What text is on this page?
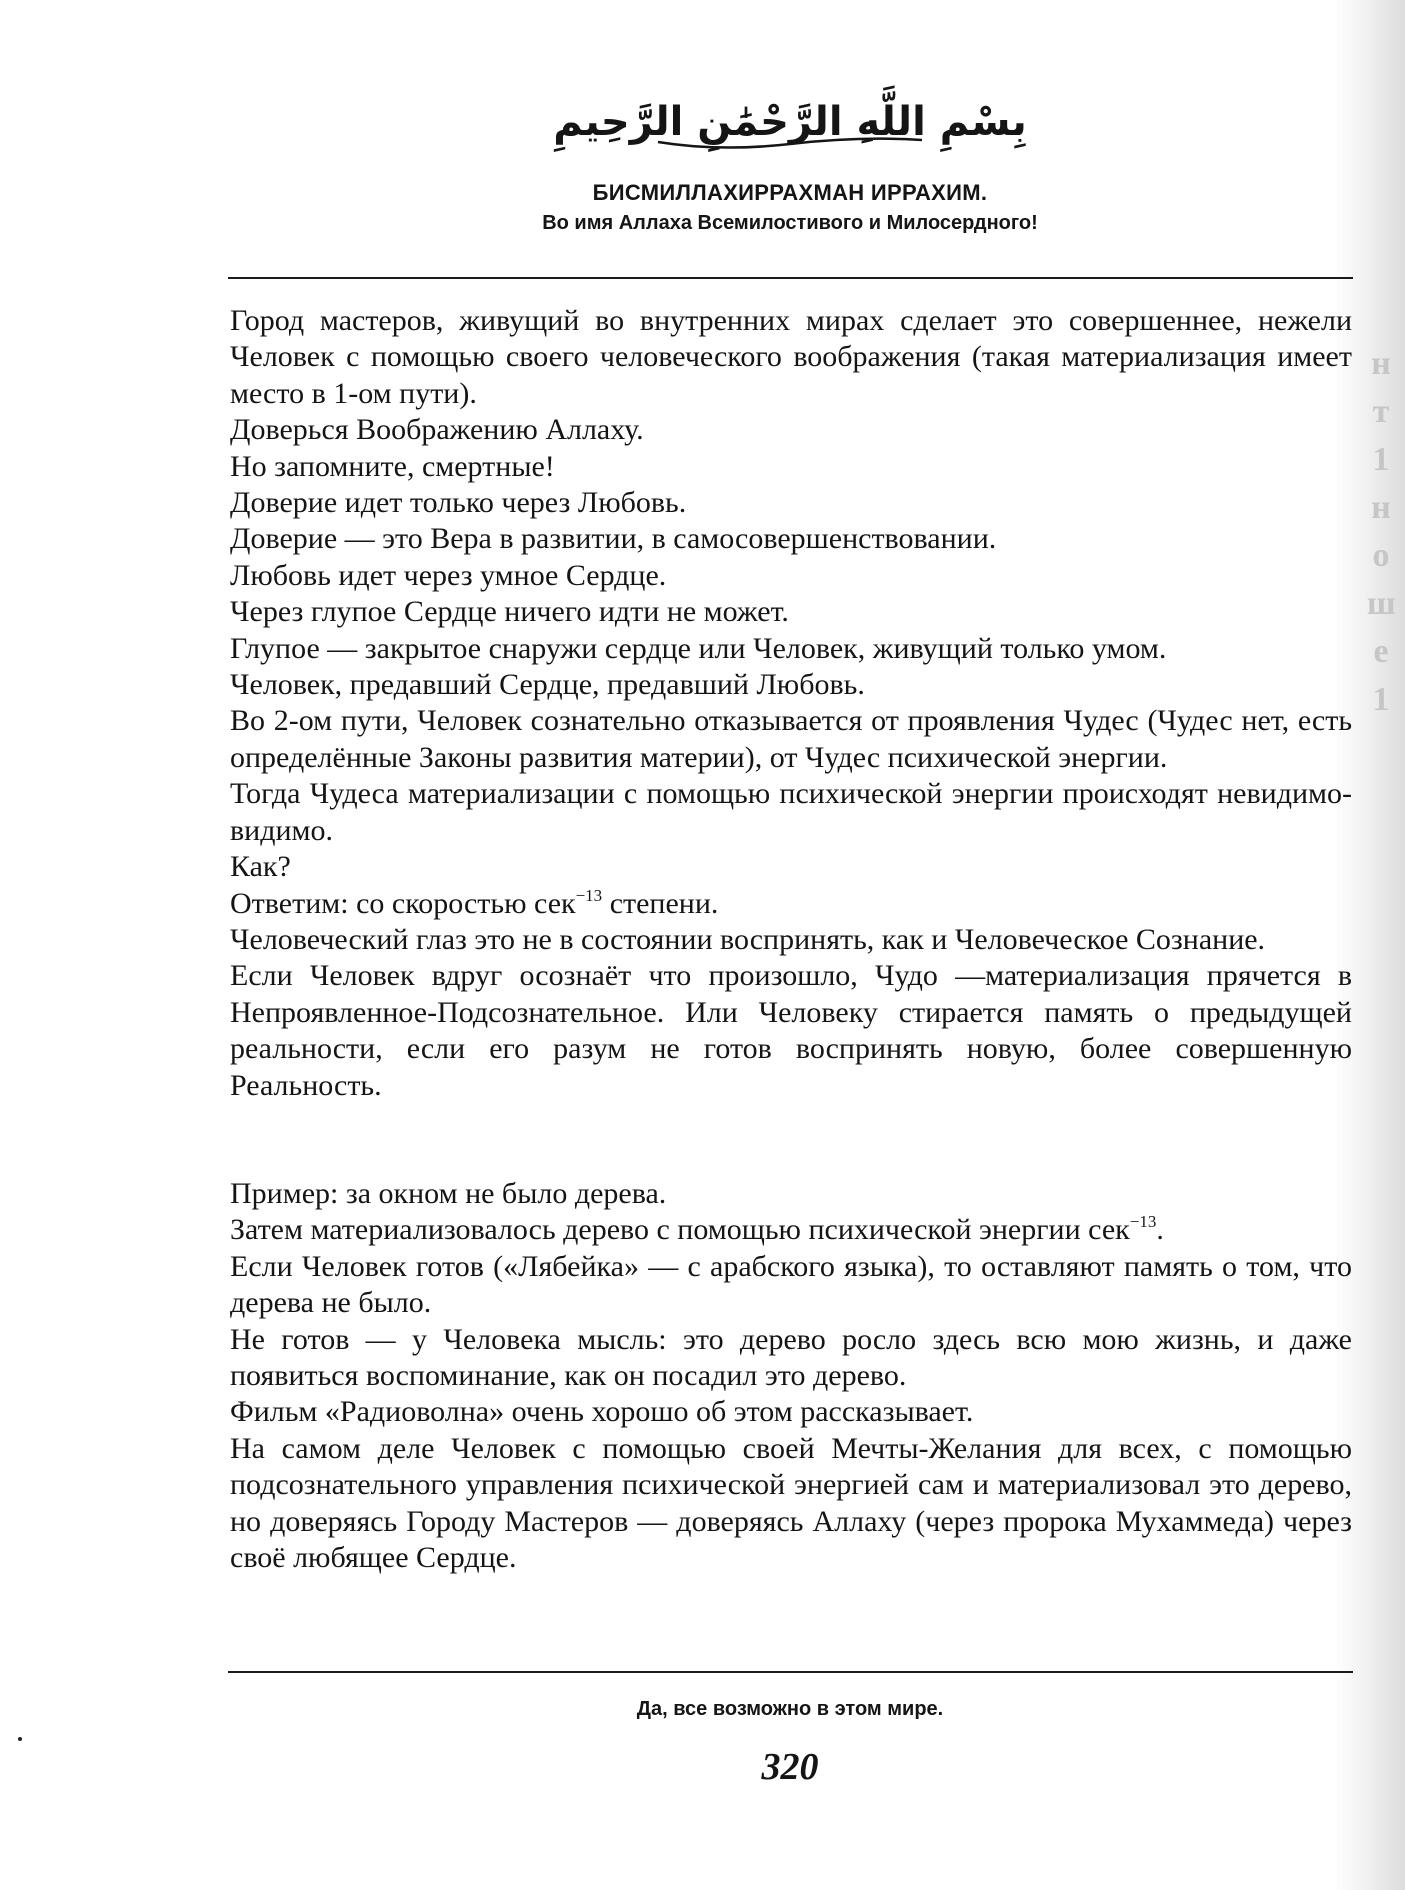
нт1ноше1
بِسْمِ اللَّهِ الرَّحْمَٰنِ الرَّحِيمِ
БИСМИЛЛАХИРРАХМАН ИРРАХИМ.
Во имя Аллаха Всемилостивого и Милосердного!

Город мастеров, живущий во внутренних мирах сделает это совершеннее, нежели Человек с помощью своего человеческого воображения (такая материализация имеет место в 1-ом пути).

Доверься Воображению Аллаху.

Но запомните, смертные!

Доверие идет только через Любовь.

Доверие — это Вера в развитии, в самосовершенствовании.

Любовь идет через умное Сердце.

Через глупое Сердце ничего идти не может.

Глупое — закрытое снаружи сердце или Человек, живущий только умом.

Человек, предавший Сердце, предавший Любовь.

Во 2-ом пути, Человек сознательно отказывается от проявления Чудес (Чудес нет, есть определённые Законы развития материи), от Чудес психической энергии.

Тогда Чудеса материализации с помощью психической энергии происходят невидимо-видимо.

Как?

Ответим: со скоростью сек$^{-13}$ степени.

Человеческий глаз это не в состоянии воспринять, как и Человеческое Сознание.

Если Человек вдруг осознаёт что произошло, Чудо —материализация прячется в Непроявленное-Подсознательное. Или Человеку стирается память о предыдущей реальности, если его разум не готов воспринять новую, более совершенную Реальность.

Пример: за окном не было дерева.

Затем материализовалось дерево с помощью психической энергии сек$^{-13}$.

Если Человек готов («Лябейка» — с арабского языка), то оставляют память о том, что дерева не было.

Не готов — у Человека мысль: это дерево росло здесь всю мою жизнь, и даже появиться воспоминание, как он посадил это дерево.

Фильм «Радиоволна» очень хорошо об этом рассказывает.

На самом деле Человек с помощью своей Мечты-Желания для всех, с помощью подсознательного управления психической энергией сам и материализовал это дерево, но доверяясь Городу Мастеров — доверяясь Аллаху (через пророка Мухаммеда) через своё любящее Сердце.

Да, все возможно в этом мире.
320
